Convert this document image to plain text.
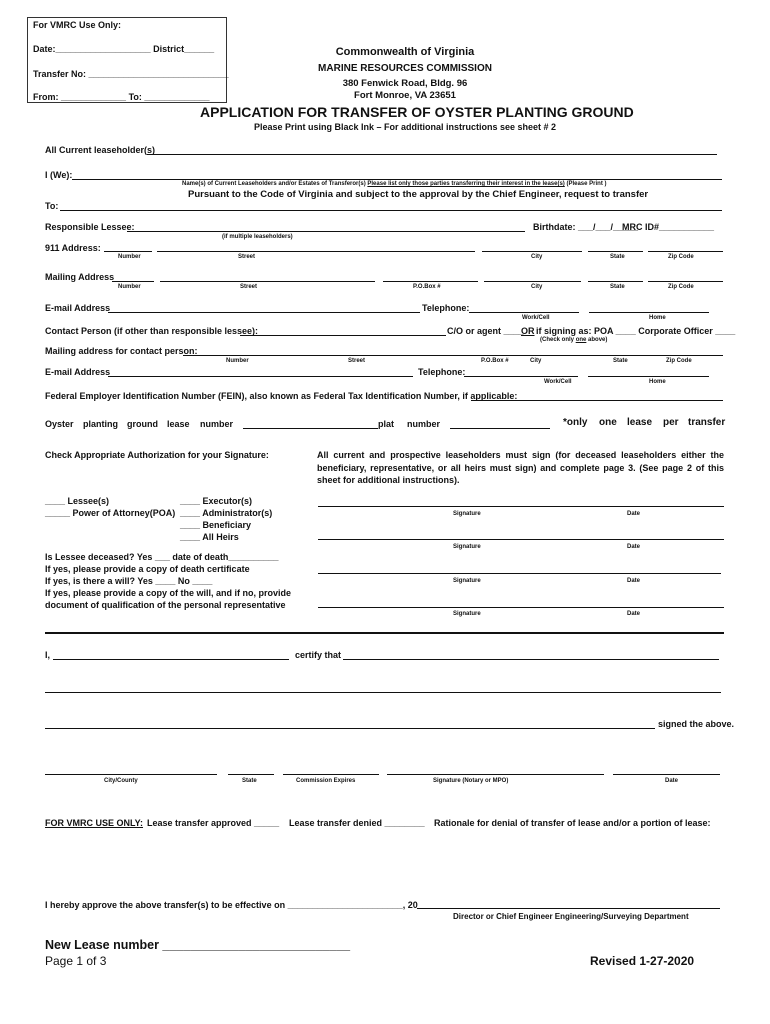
For VMRC Use Only:
Date:___________________ District______
Transfer No: ____________________________
From: _____________ To: _____________
Commonwealth of Virginia
MARINE RESOURCES COMMISSION
380 Fenwick Road, Bldg. 96
Fort Monroe, VA 23651
APPLICATION FOR TRANSFER OF OYSTER PLANTING GROUND
Please Print using Black Ink – For additional instructions see sheet # 2
All Current leaseholder(s)
I (We):
Name(s) of Current Leaseholders and/or Estates of Transferor(s) Please list only those parties transferring their interest in the lease(s) (Please Print )
Pursuant to the Code of Virginia and subject to the approval by the Chief Engineer, request to transfer
To:
Responsible Lessee:	Birthdate: ___/___/_____
MRC ID#___________
(if multiple leaseholders)
911 Address:
Number	Street	City	State	Zip Code
Mailing Address
Number	Street	P.O.Box #	City	State	Zip Code
E-mail Address	Telephone:
Work/Cell	Home
Contact Person (if other than responsible lessee):	C/O or agent ____
OR if signing as: POA ____ Corporate Officer ____
(Check only one above)
Mailing address for contact person:
Number	Street	P.O.Box #	City	State	Zip Code
E-mail Address	Telephone:
Work/Cell	Home
Federal Employer Identification Number (FEIN), also known as Federal Tax Identification Number, if applicable:
Oyster planting ground lease number	plat number	*only one lease per transfer
Check Appropriate Authorization for your Signature:	All current and prospective leaseholders must sign (for deceased leaseholders either the beneficiary, representative, or all heirs must sign) and complete page 3. (See page 2 of this sheet for additional instructions).
____ Lessee(s)
_____ Power of Attorney(POA)
____ Executor(s)
____ Administrator(s)
____ Beneficiary
____ All Heirs
Signature	Date
Signature	Date
Signature	Date
Signature	Date
Is Lessee deceased? Yes ___ date of death__________
If yes, please provide a copy of death certificate
If yes, is there a will? Yes ____ No ____
If yes, please provide a copy of the will, and if no, provide
document of qualification of the personal representative
I,	certify that
signed the above.
City/County	State	Commission Expires	Signature (Notary or MPO)	Date
FOR VMRC USE ONLY: Lease transfer approved _____ Lease transfer denied ________ Rationale for denial of transfer of lease and/or a portion of lease:
I hereby approve the above transfer(s) to be effective on _______________________, 20___
Director or Chief Engineer Engineering/Surveying Department
New Lease number ___________________________
Page 1 of 3	Revised 1-27-2020
